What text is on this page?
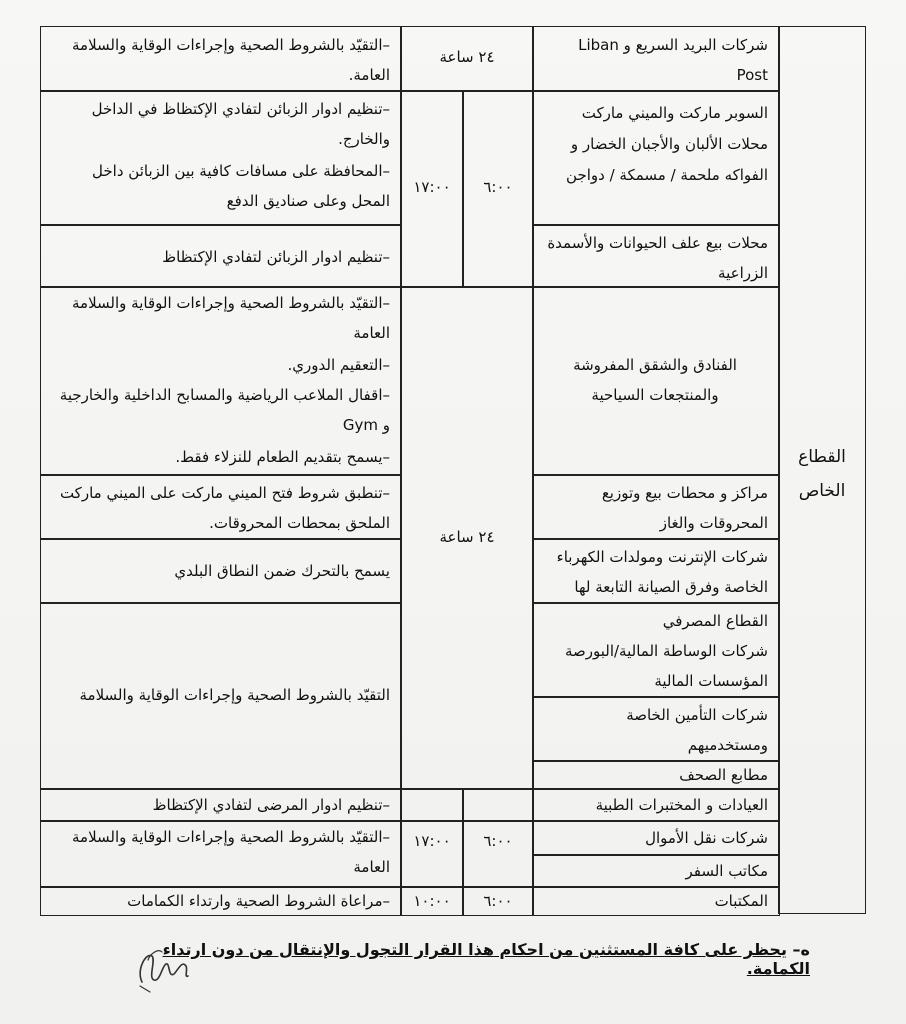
القطاع الخاص
شركات البريد السريع و Liban Post
السوبر ماركت والميني ماركت محلات الألبان والأجبان الخضار و الفواكه ملحمة / مسمكة / دواجن
محلات بيع علف الحيوانات والأسمدة الزراعية
الفنادق والشقق المفروشة والمنتجعات السياحية
مراكز و محطات بيع وتوزيع المحروقات والغاز
شركات الإنترنت ومولدات الكهرباء الخاصة وفرق الصيانة التابعة لها
القطاع المصرفي
شركات الوساطة المالية/البورصة
المؤسسات المالية
شركات التأمين الخاصة ومستخدميهم
مطابع الصحف
العيادات و المختبرات الطبية
شركات نقل الأموال
مكاتب السفر
المكتبات
٢٤ ساعة
٦:٠٠
١٧:٠٠
٢٤ ساعة
٦:٠٠
١٧:٠٠
٦:٠٠
١٠:٠٠
–التقيّد بالشروط الصحية وإجراءات الوقاية والسلامة العامة.
–تنظيم ادوار الزبائن لتفادي الإكتظاظ في الداخل والخارج.
–المحافظة على مسافات كافية بين الزبائن داخل المحل وعلى صناديق الدفع
–تنظيم ادوار الزبائن لتفادي الإكتظاظ
–التقيّد بالشروط الصحية وإجراءات الوقاية والسلامة العامة
–التعقيم الدوري.
–اقفال الملاعب الرياضية والمسابح الداخلية والخارجية و Gym
–يسمح بتقديم الطعام للنزلاء فقط.
–تنطبق شروط فتح الميني ماركت على الميني ماركت الملحق بمحطات المحروقات.
يسمح بالتحرك ضمن النطاق البلدي
التقيّد بالشروط الصحية وإجراءات الوقاية والسلامة
–تنظيم ادوار المرضى لتفادي الإكتظاظ
–التقيّد بالشروط الصحية وإجراءات الوقاية والسلامة العامة
–مراعاة الشروط الصحية وارتداء الكمامات
ه– يحظر على كافة المستثنين من احكام هذا القرار التجول والإنتقال من دون ارتداء الكمامة.
